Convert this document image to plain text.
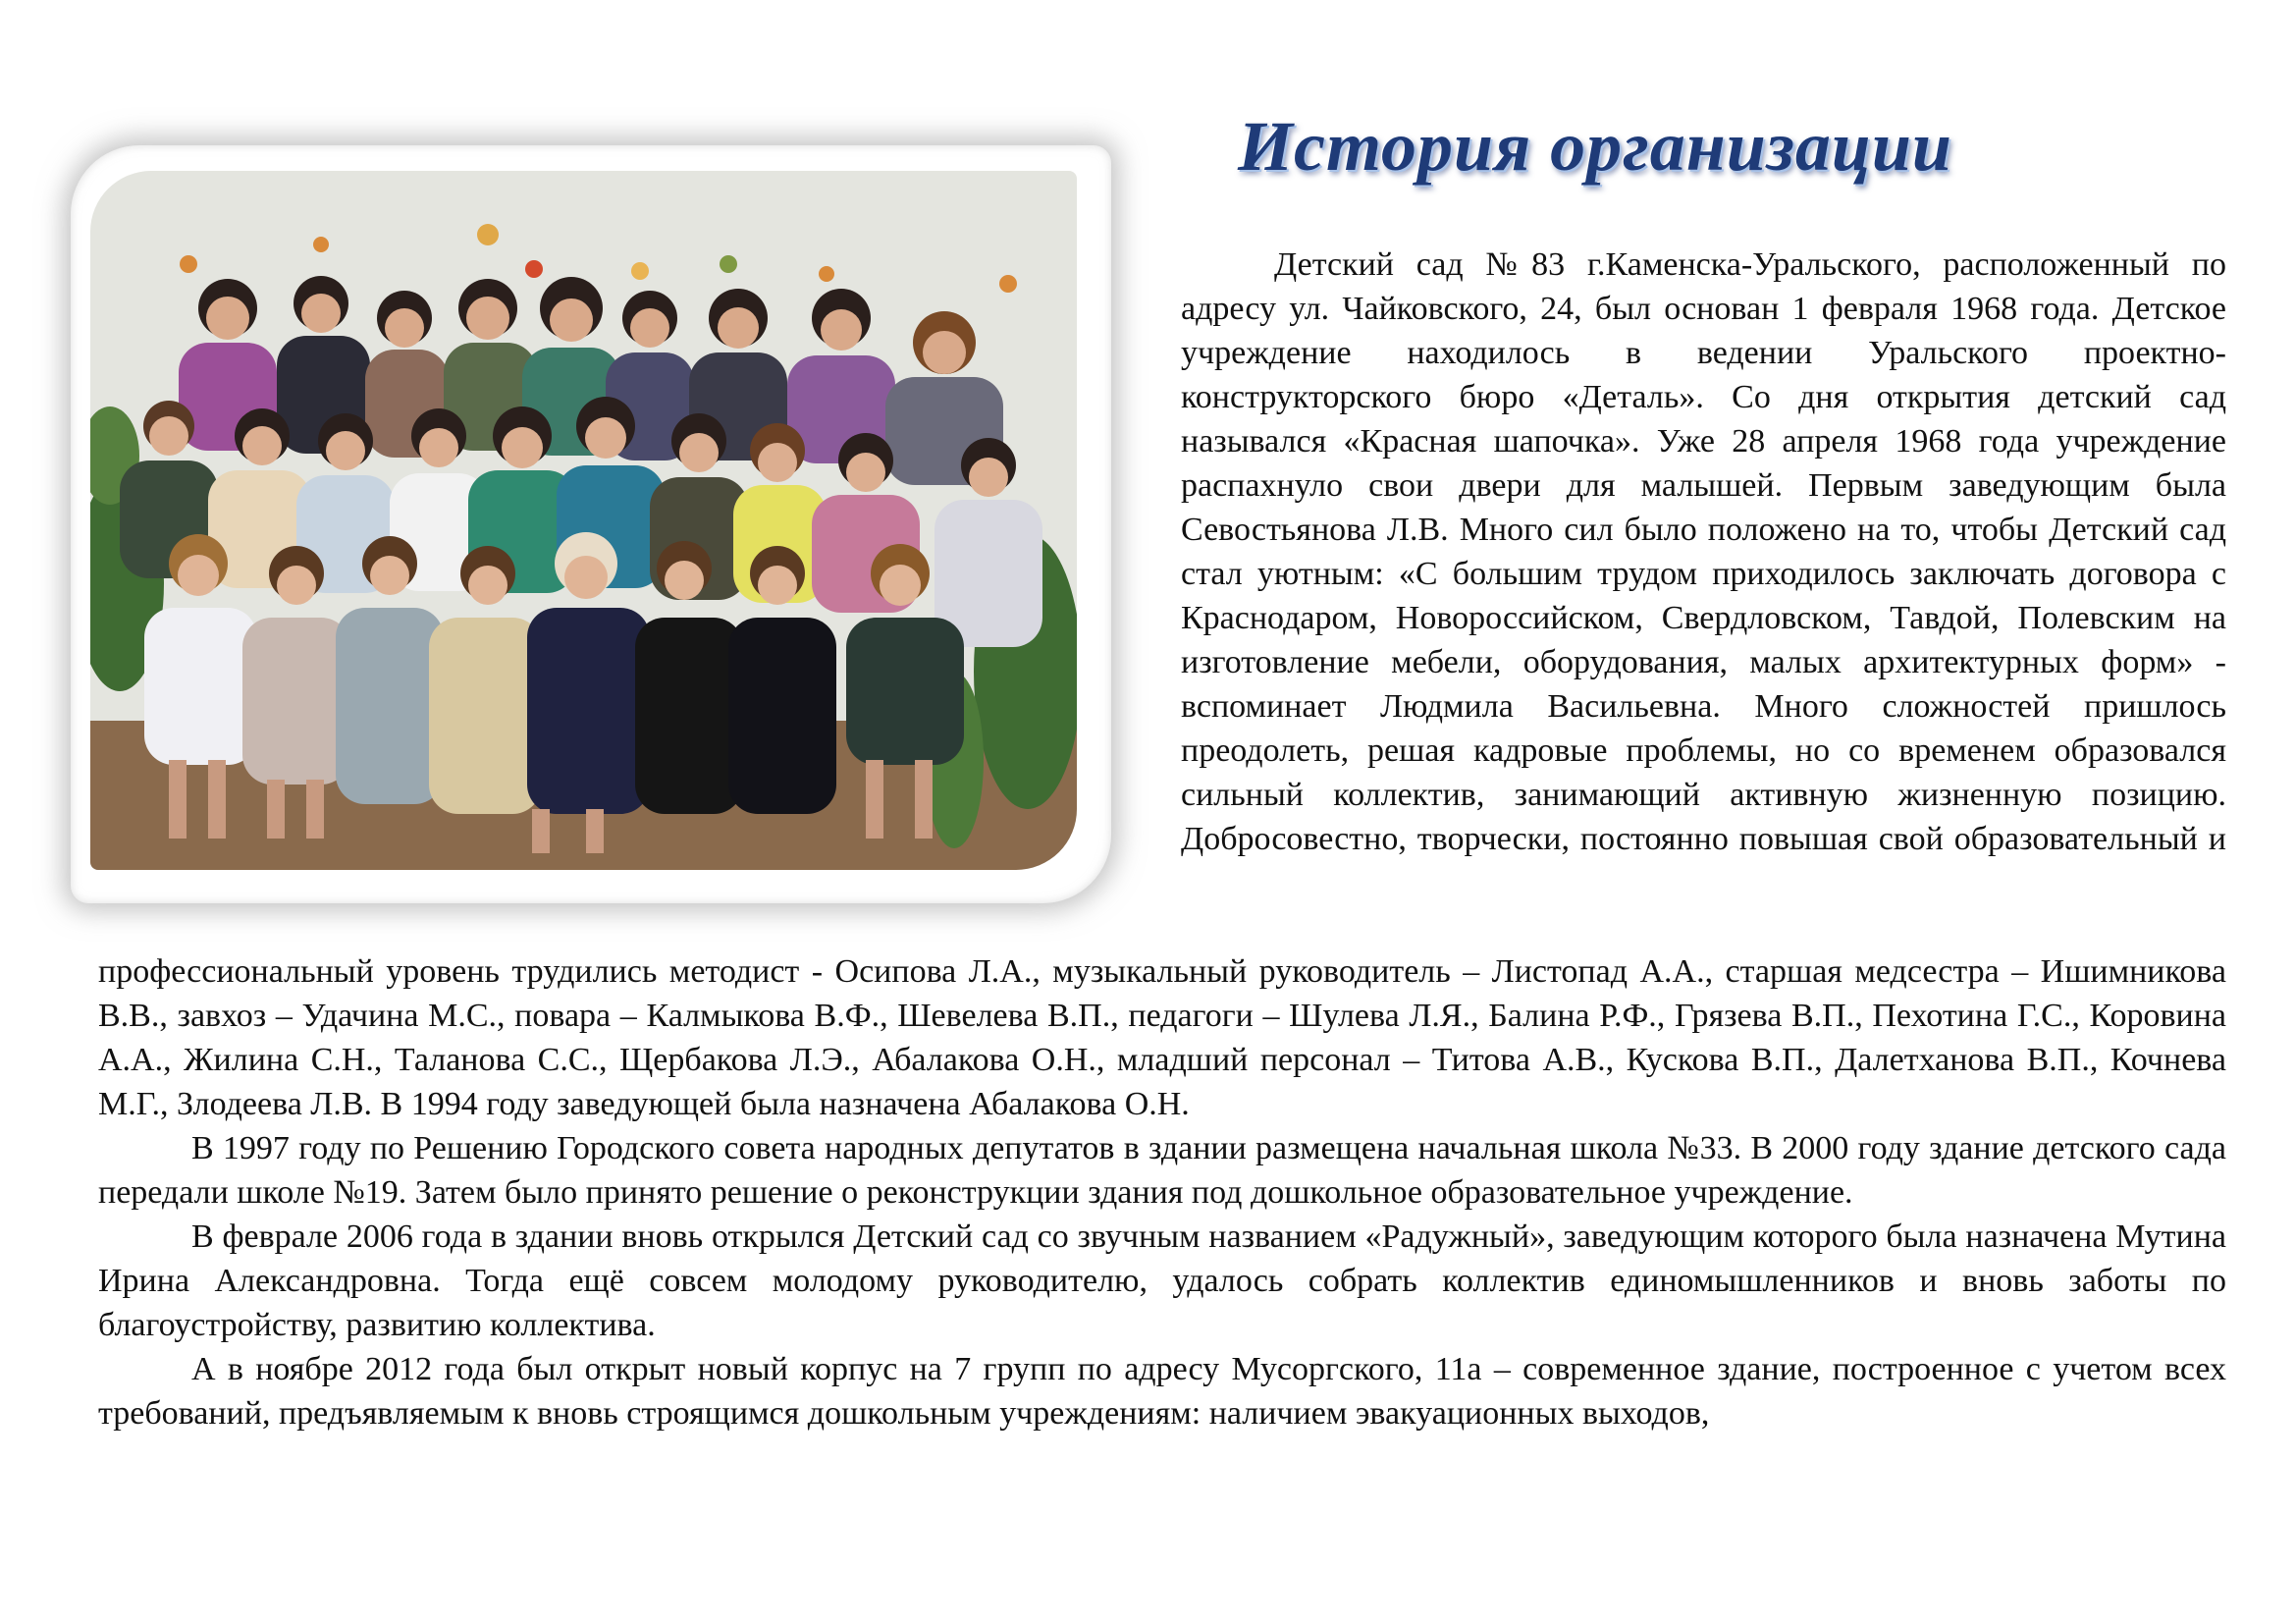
История организации

Детский сад №83 г.Каменска-Уральского, расположенный по адресу ул. Чайковского, 24, был основан 1 февраля 1968 года. Детское учреждение находилось в ведении Уральского проектно-конструкторского бюро «Деталь». Со дня открытия детский сад назывался «Красная шапочка». Уже 28 апреля 1968 года учреждение распахнуло свои двери для малышей. Первым заведующим была Севостьянова Л.В. Много сил было положено на то, чтобы Детский сад стал уютным: «С большим трудом приходилось заключать договора с Краснодаром, Новороссийском, Свердловском, Тавдой, Полевским на изготовление мебели, оборудования, малых архитектурных форм» - вспоминает Людмила Васильевна. Много сложностей пришлось преодолеть, решая кадровые проблемы, но со временем образовался сильный коллектив, занимающий активную жизненную позицию. Добросовестно, творчески, постоянно повышая свой образовательный и

профессиональный уровень трудились методист - Осипова Л.А., музыкальный руководитель – Листопад А.А., старшая медсестра – Ишимникова В.В., завхоз – Удачина М.С., повара – Калмыкова В.Ф., Шевелева В.П., педагоги – Шулева Л.Я., Балина Р.Ф., Грязева В.П., Пехотина Г.С., Коровина А.А., Жилина С.Н., Таланова С.С., Щербакова Л.Э., Абалакова О.Н., младший персонал – Титова А.В., Кускова В.П., Далетханова В.П., Кочнева М.Г., Злодеева Л.В. В 1994 году заведующей была назначена Абалакова О.Н.

В 1997 году по Решению Городского совета народных депутатов в здании размещена начальная школа №33. В 2000 году здание детского сада передали школе №19. Затем было принято решение о реконструкции здания под дошкольное образовательное учреждение.

В феврале 2006 года в здании вновь открылся Детский сад со звучным названием «Радужный», заведующим которого была назначена Мутина Ирина Александровна. Тогда ещё совсем молодому руководителю, удалось собрать коллектив единомышленников и вновь заботы по благоустройству, развитию коллектива.

А в ноябре 2012 года был открыт новый корпус на 7 групп по адресу Мусоргского, 11а – современное здание, построенное с учетом всех требований, предъявляемым к вновь строящимся дошкольным учреждениям: наличием эвакуационных выходов,
